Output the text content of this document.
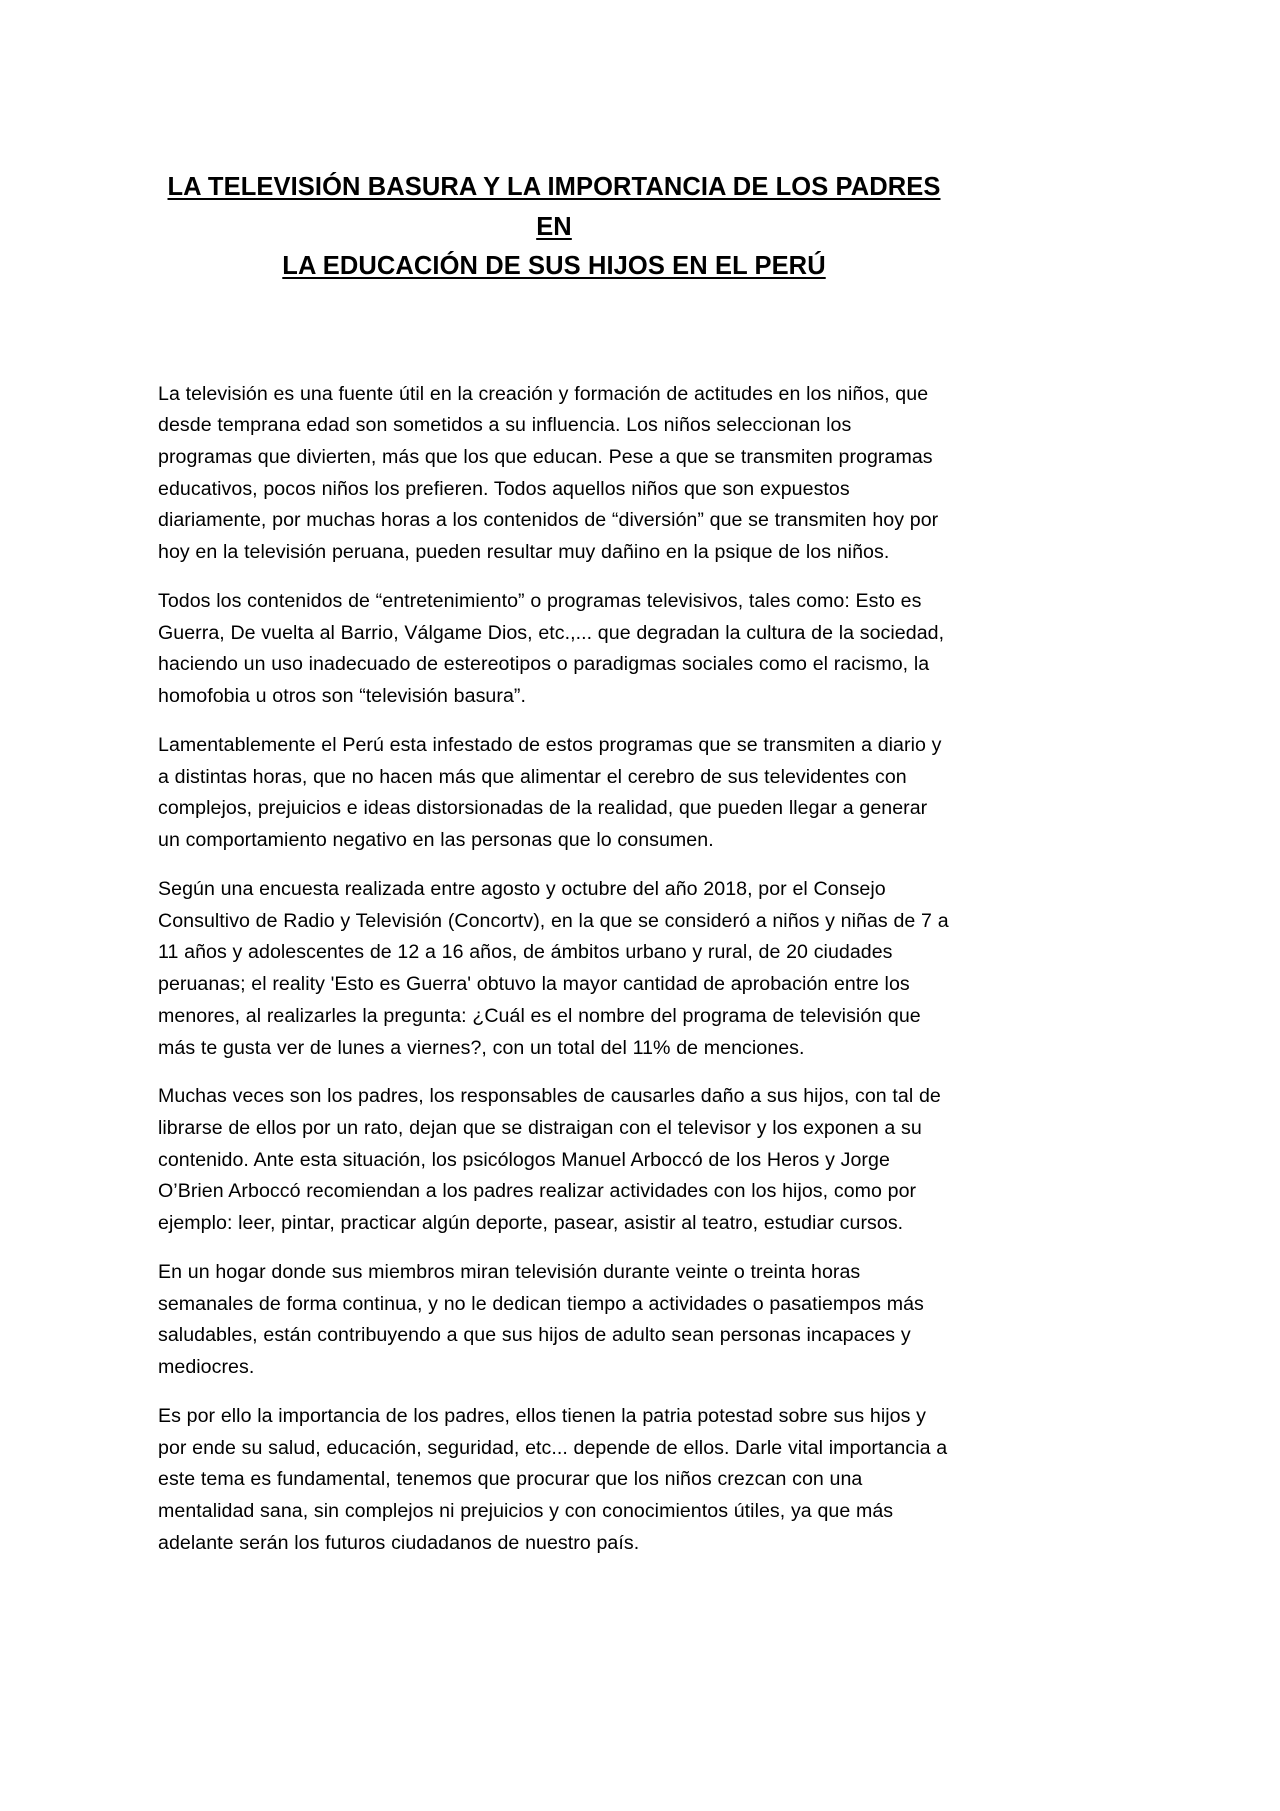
LA TELEVISIÓN BASURA Y LA IMPORTANCIA DE LOS PADRES EN
LA EDUCACIÓN DE SUS HIJOS EN EL PERÚ

La televisión es una fuente útil en la creación y formación de actitudes en los niños, que desde temprana edad son sometidos a su influencia. Los niños seleccionan los programas que divierten, más que los que educan. Pese a que se transmiten programas educativos, pocos niños los prefieren. Todos aquellos niños que son expuestos diariamente, por muchas horas a los contenidos de “diversión” que se transmiten hoy por hoy en la televisión peruana, pueden resultar muy dañino en la psique de los niños.

Todos los contenidos de “entretenimiento” o programas televisivos, tales como: Esto es Guerra, De vuelta al Barrio, Válgame Dios, etc.,... que degradan la cultura de la sociedad, haciendo un uso inadecuado de estereotipos o paradigmas sociales como el racismo, la homofobia u otros son “televisión basura”.

Lamentablemente el Perú esta infestado de estos programas que se transmiten a diario y a distintas horas, que no hacen más que alimentar el cerebro de sus televidentes con complejos, prejuicios e ideas distorsionadas de la realidad, que pueden llegar a generar un comportamiento negativo en las personas que lo consumen.

Según una encuesta realizada entre agosto y octubre del año 2018, por el Consejo Consultivo de Radio y Televisión (Concortv), en la que se consideró a niños y niñas de 7 a 11 años y adolescentes de 12 a 16 años, de ámbitos urbano y rural, de 20 ciudades peruanas; el reality 'Esto es Guerra' obtuvo la mayor cantidad de aprobación entre los menores, al realizarles la pregunta: ¿Cuál es el nombre del programa de televisión que más te gusta ver de lunes a viernes?, con un total del 11% de menciones.

Muchas veces son los padres, los responsables de causarles daño a sus hijos, con tal de librarse de ellos por un rato, dejan que se distraigan con el televisor y los exponen a su contenido. Ante esta situación, los psicólogos Manuel Arboccó de los Heros y Jorge O’Brien Arboccó recomiendan a los padres realizar actividades con los hijos, como por ejemplo: leer, pintar, practicar algún deporte, pasear, asistir al teatro, estudiar cursos.

En un hogar donde sus miembros miran televisión durante veinte o treinta horas semanales de forma continua, y no le dedican tiempo a actividades o pasatiempos más saludables, están contribuyendo a que sus hijos de adulto sean personas incapaces y mediocres.

Es por ello la importancia de los padres, ellos tienen la patria potestad sobre sus hijos y por ende su salud, educación, seguridad, etc... depende de ellos. Darle vital importancia a este tema es fundamental, tenemos que procurar que los niños crezcan con una mentalidad sana, sin complejos ni prejuicios y con conocimientos útiles, ya que más adelante serán los futuros ciudadanos de nuestro país.
